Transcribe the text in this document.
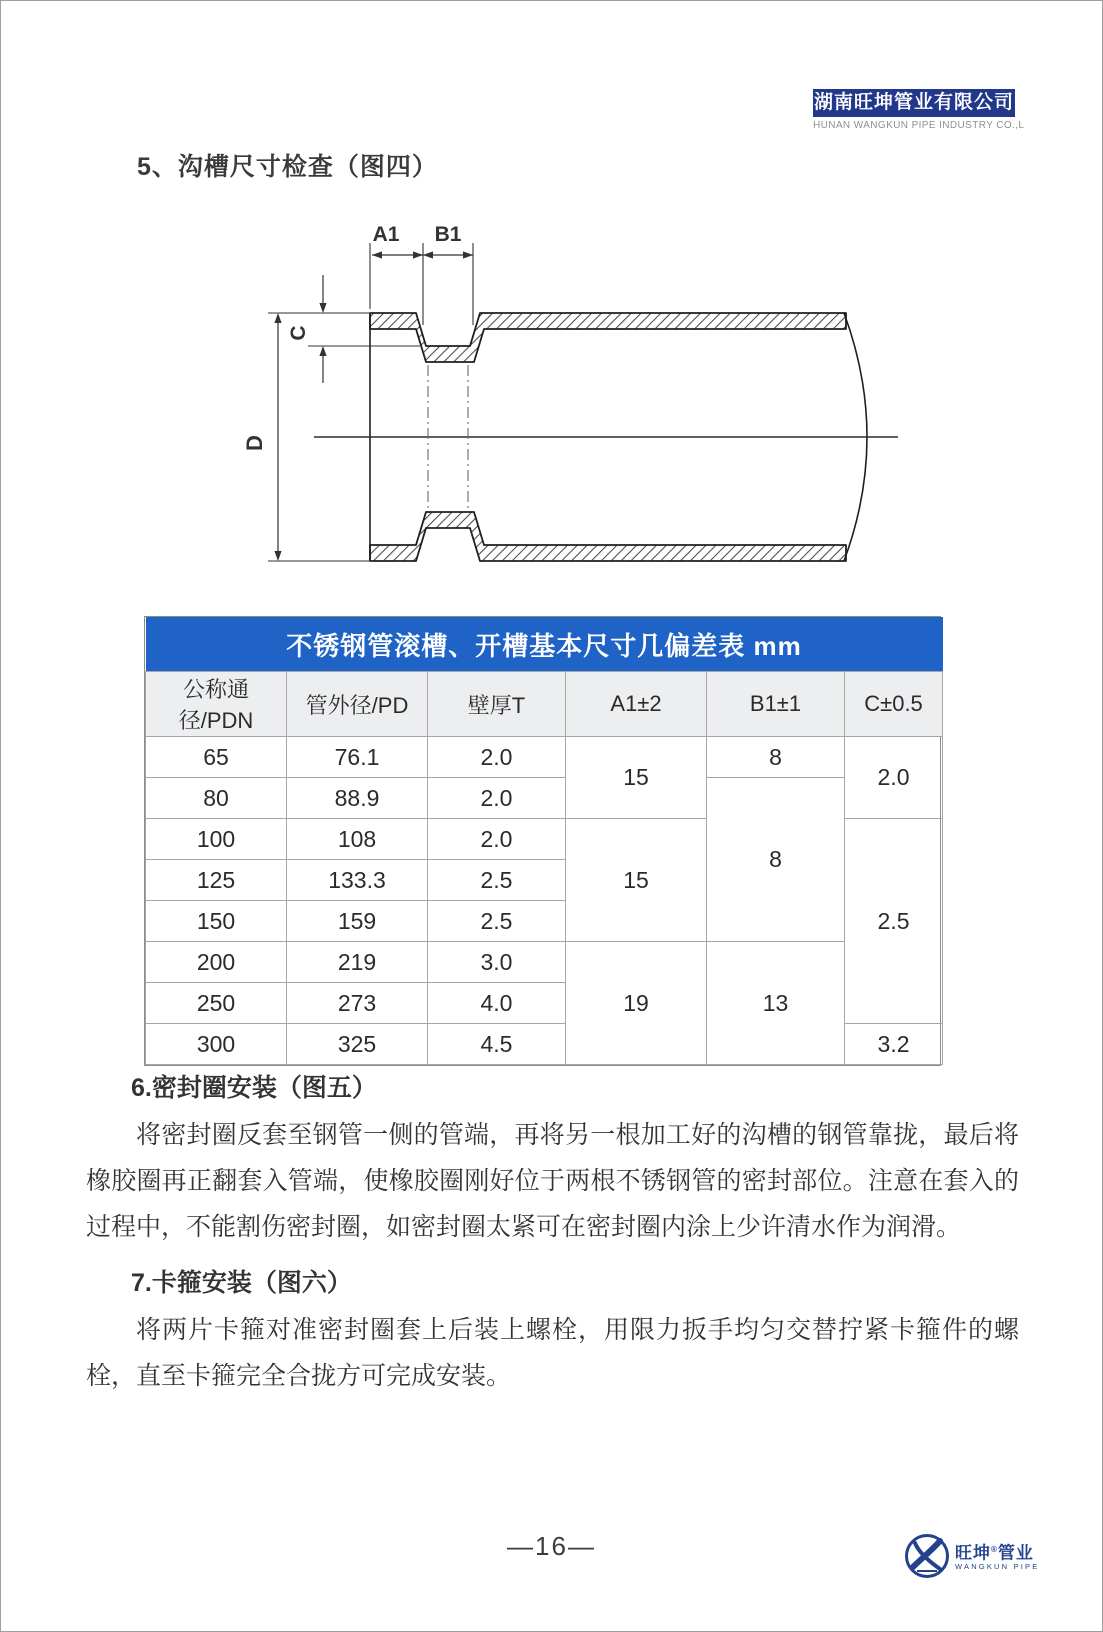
湖南旺坤管业有限公司
HUNAN WANGKUN PIPE INDUSTRY CO.,L
5、沟槽尺寸检查（图四）
A1 B1
C
D
不锈钢管滚槽、开槽基本尺寸几偏差表 mm					
公称通径/PDN	管外径/PD	壁厚T	A1±2	B1±1	C±0.5
65	76.1	2.0	15	8	2.0
80	88.9	2.0		8	
100	108	2.0	15		2.5
125	133.3	2.5			
150	159	2.5			
200	219	3.0	19	13	
250	273	4.0			
300	325	4.5			3.2

6.密封圈安装（图五）

将密封圈反套至钢管一侧的管端，再将另一根加工好的沟槽的钢管靠拢，最后将橡胶圈再正翻套入管端，使橡胶圈刚好位于两根不锈钢管的密封部位。注意在套入的过程中，不能割伤密封圈，如密封圈太紧可在密封圈内涂上少许清水作为润滑。

7.卡箍安装（图六）

将两片卡箍对准密封圈套上后装上螺栓，用限力扳手均匀交替拧紧卡箍件的螺栓，直至卡箍完全合拢方可完成安装。

—16—	旺坤®管业
WANGKUN PIPE
